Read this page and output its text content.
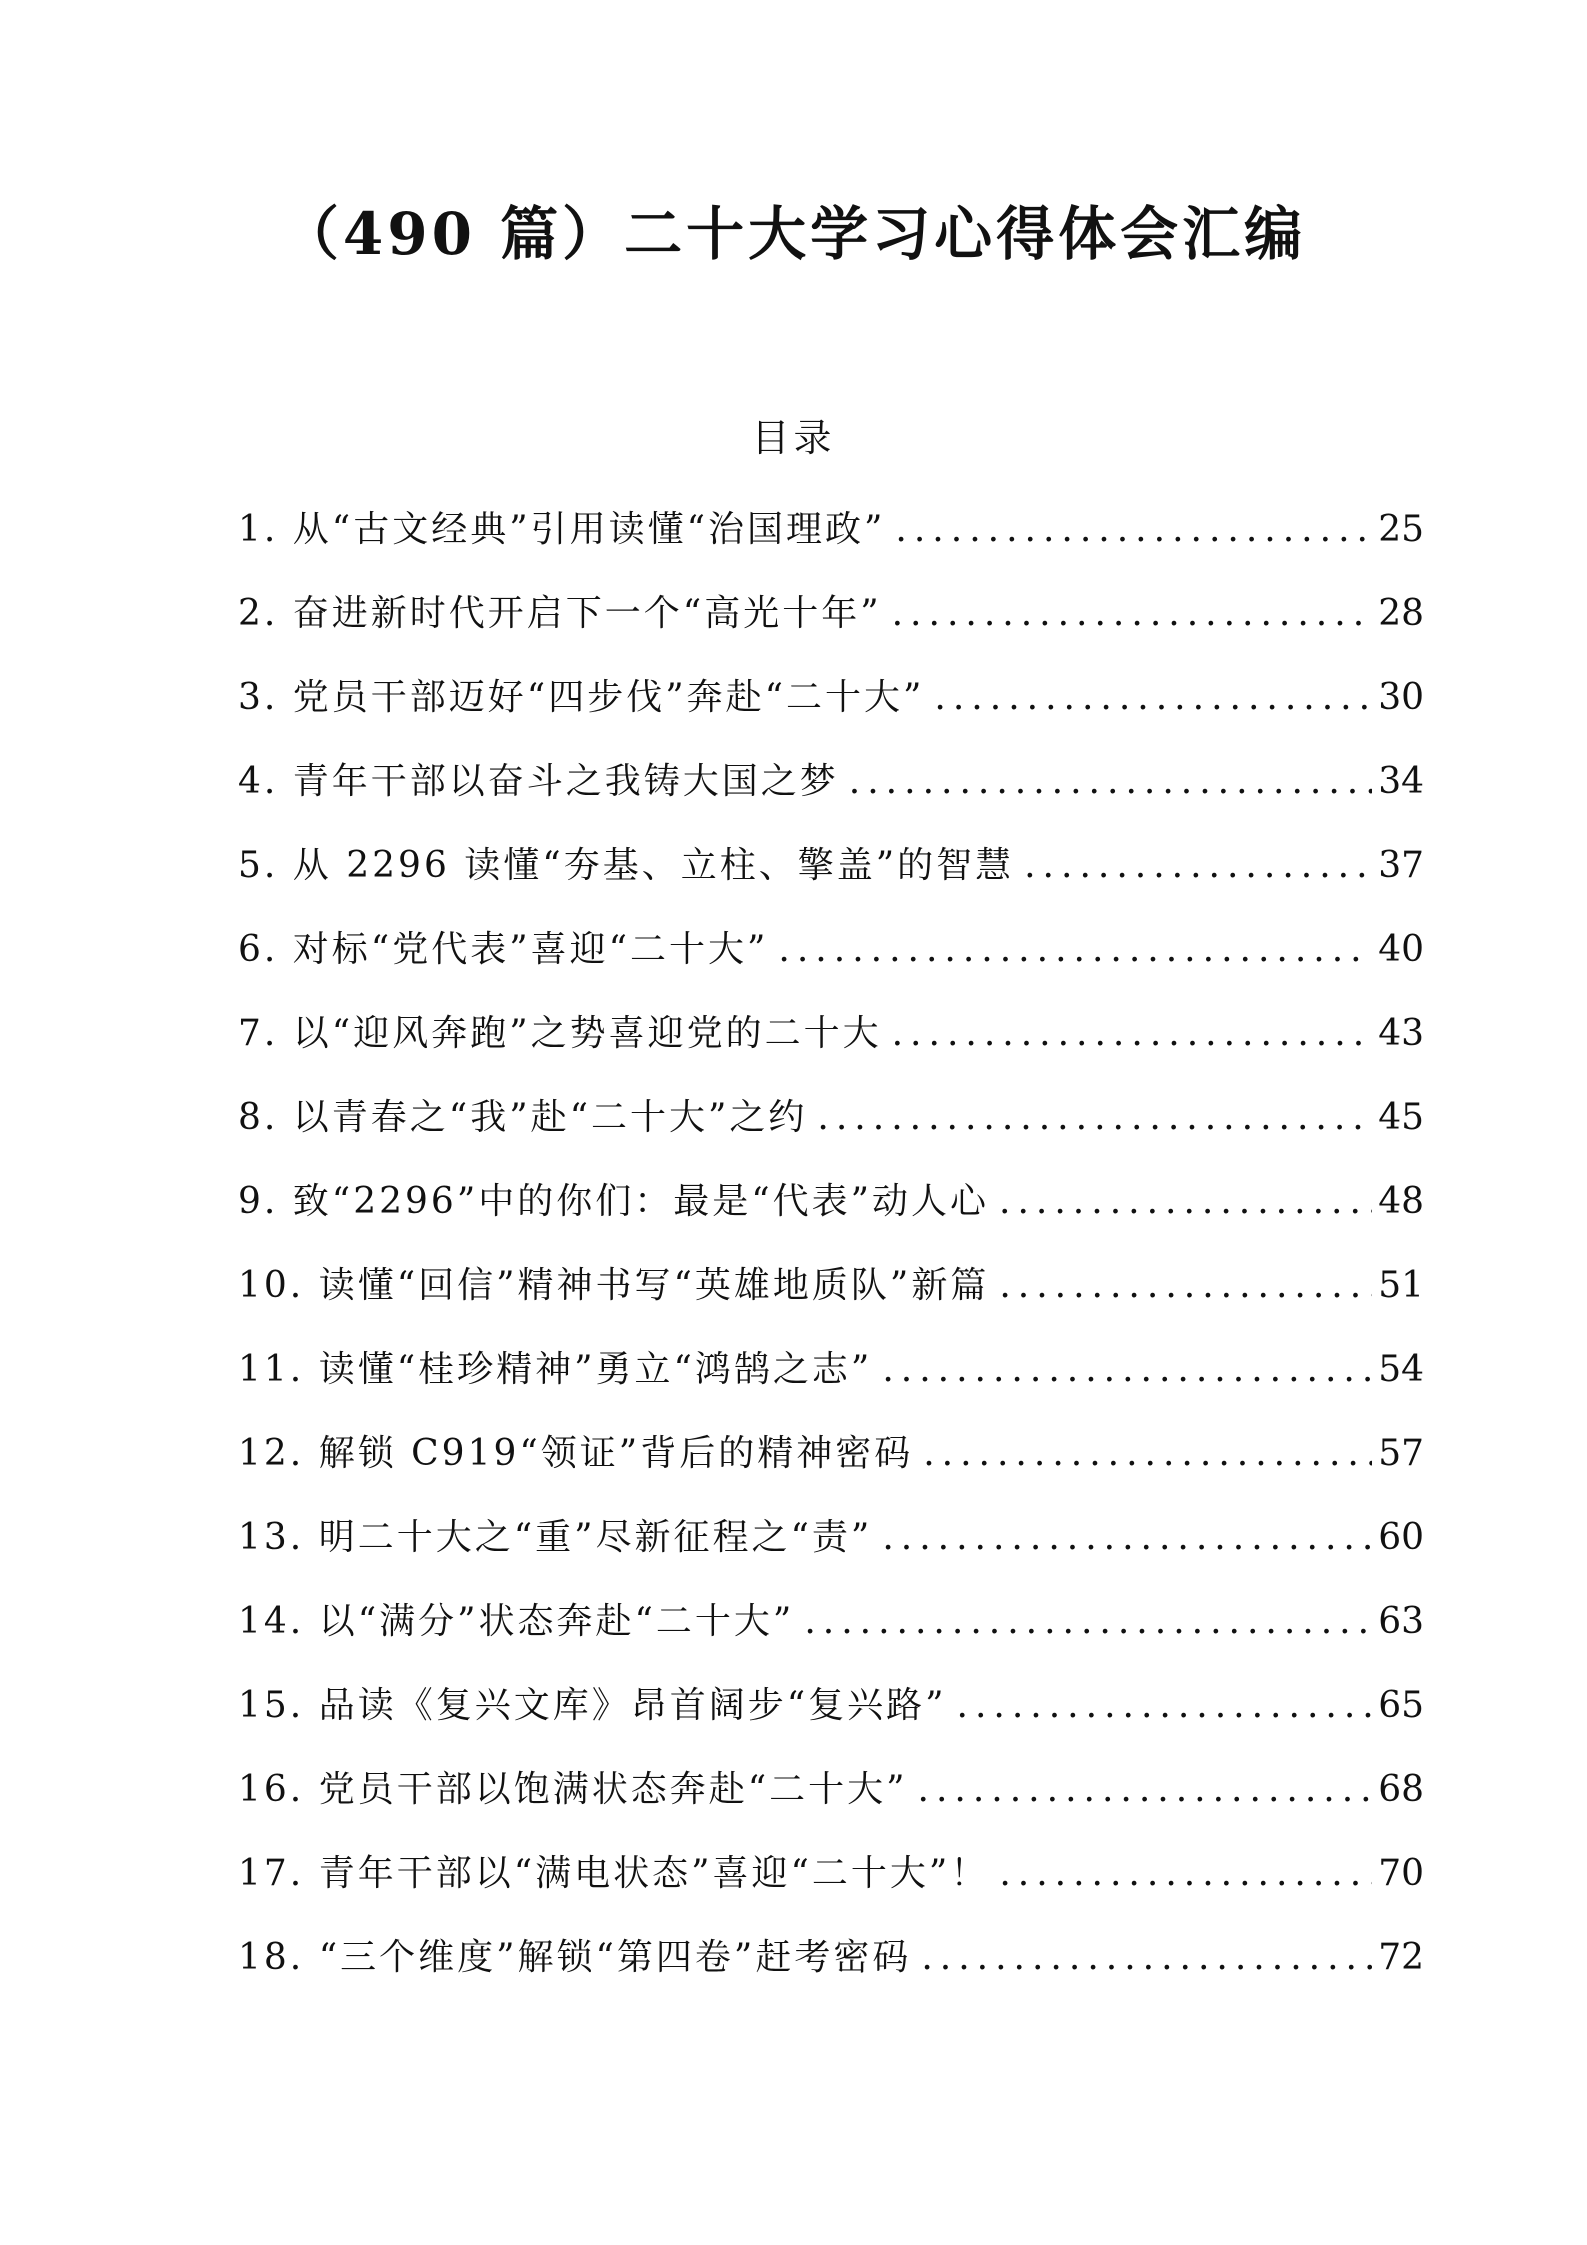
（490 篇）二十大学习心得体会汇编
目录
1. 从“古文经典”引用读懂“治国理政” .....	25
2. 奋进新时代开启下一个“高光十年” .....	28
3. 党员干部迈好“四步伐”奔赴“二十大” .....	30
4. 青年干部以奋斗之我铸大国之梦 .....	34
5. 从 2296 读懂“夯基、立柱、擎盖”的智慧 .....	37
6. 对标“党代表”喜迎“二十大” .....	40
7. 以“迎风奔跑”之势喜迎党的二十大 .....	43
8. 以青春之“我”赴“二十大”之约 .....	45
9. 致“2296”中的你们：最是“代表”动人心 .....	48
10. 读懂“回信”精神书写“英雄地质队”新篇 .....	51
11. 读懂“桂珍精神”勇立“鸿鹄之志” .....	54
12. 解锁 C919“领证”背后的精神密码 .....	57
13. 明二十大之“重”尽新征程之“责” .....	60
14. 以“满分”状态奔赴“二十大” .....	63
15. 品读《复兴文库》昂首阔步“复兴路” .....	65
16. 党员干部以饱满状态奔赴“二十大” .....	68
17. 青年干部以“满电状态”喜迎“二十大”！ .....	70
18. “三个维度”解锁“第四卷”赶考密码 .....	72
